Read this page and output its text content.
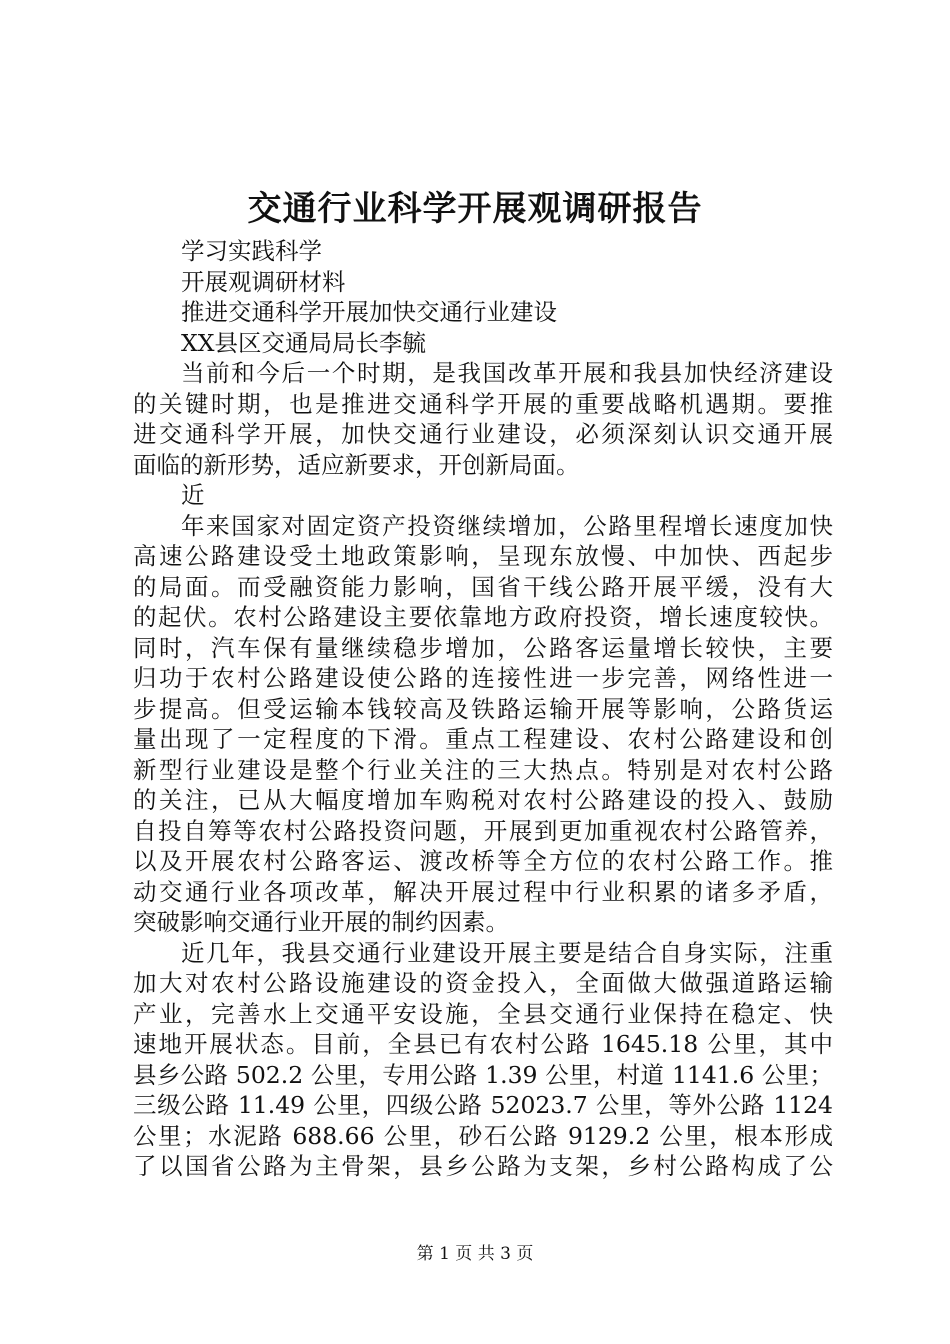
交通行业科学开展观调研报告
学习实践科学
开展观调研材料
推进交通科学开展加快交通行业建设
XX县区交通局局长李毓
当前和今后一个时期，是我国改革开展和我县加快经济建设
的关键时期，也是推进交通科学开展的重要战略机遇期。要推
进交通科学开展，加快交通行业建设，必须深刻认识交通开展
面临的新形势，适应新要求，开创新局面。
近
年来国家对固定资产投资继续增加，公路里程增长速度加快
高速公路建设受土地政策影响，呈现东放慢、中加快、西起步
的局面。而受融资能力影响，国省干线公路开展平缓，没有大
的起伏。农村公路建设主要依靠地方政府投资，增长速度较快。
同时，汽车保有量继续稳步增加，公路客运量增长较快，主要
归功于农村公路建设使公路的连接性进一步完善，网络性进一
步提高。但受运输本钱较高及铁路运输开展等影响，公路货运
量出现了一定程度的下滑。重点工程建设、农村公路建设和创
新型行业建设是整个行业关注的三大热点。特别是对农村公路
的关注，已从大幅度增加车购税对农村公路建设的投入、鼓励
自投自筹等农村公路投资问题，开展到更加重视农村公路管养，
以及开展农村公路客运、渡改桥等全方位的农村公路工作。推
动交通行业各项改革，解决开展过程中行业积累的诸多矛盾，
突破影响交通行业开展的制约因素。
近几年，我县交通行业建设开展主要是结合自身实际，注重
加大对农村公路设施建设的资金投入，全面做大做强道路运输
产业，完善水上交通平安设施，全县交通行业保持在稳定、快
速地开展状态。目前，全县已有农村公路 1645.18 公里，其中
县乡公路 502.2 公里，专用公路 1.39 公里，村道 1141.6 公里；
三级公路 11.49 公里，四级公路 52023.7 公里，等外公路 1124
公里；水泥路 688.66 公里，砂石公路 9129.2 公里，根本形成
了以国省公路为主骨架，县乡公路为支架，乡村公路构成了公
第 1 页 共 3 页
